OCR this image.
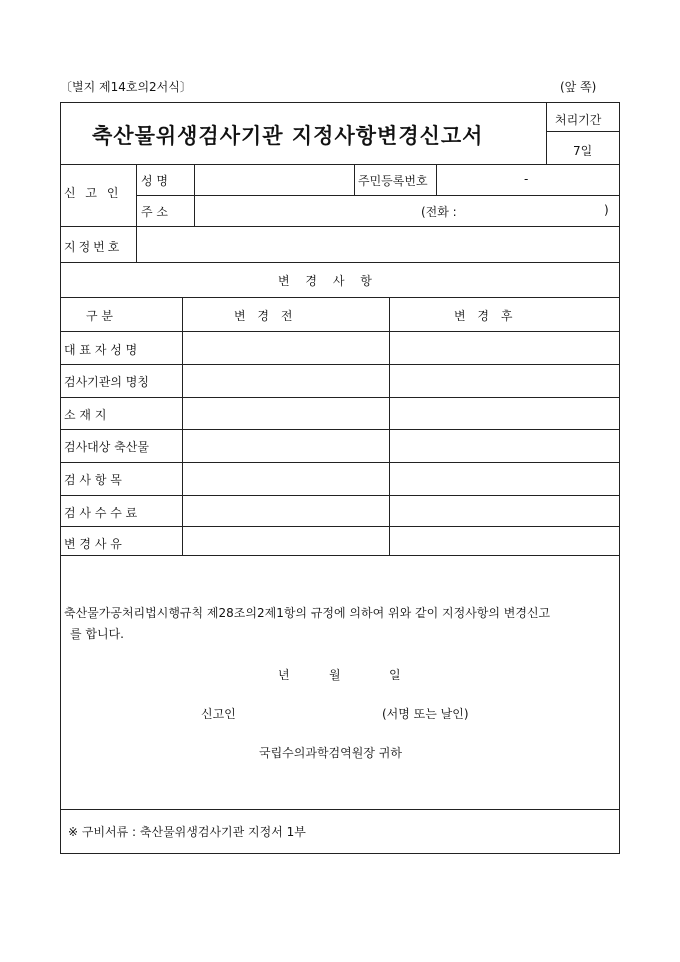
〔별지 제14호의2서식〕	(앞 쪽)
축산물위생검사기관 지정사항변경신고서
처리기간
7일
신 고 인
성 명	주민등록번호	-
주 소	(전화 :	)
지정번호
변 경 사 항
구 분	변 경 전	변 경 후
대 표 자 성 명
검사기관의 명칭
소 재 지
검사대상 축산물
검 사 항 목
검 사 수 수 료
변 경 사 유
축산물가공처리법시행규칙 제28조의2제1항의 규정에 의하여 위와 같이 지정사항의 변경신고
를 합니다.
년	월	일
신고인	(서명 또는 날인)
국립수의과학검역원장 귀하
※ 구비서류 : 축산물위생검사기관 지정서 1부
